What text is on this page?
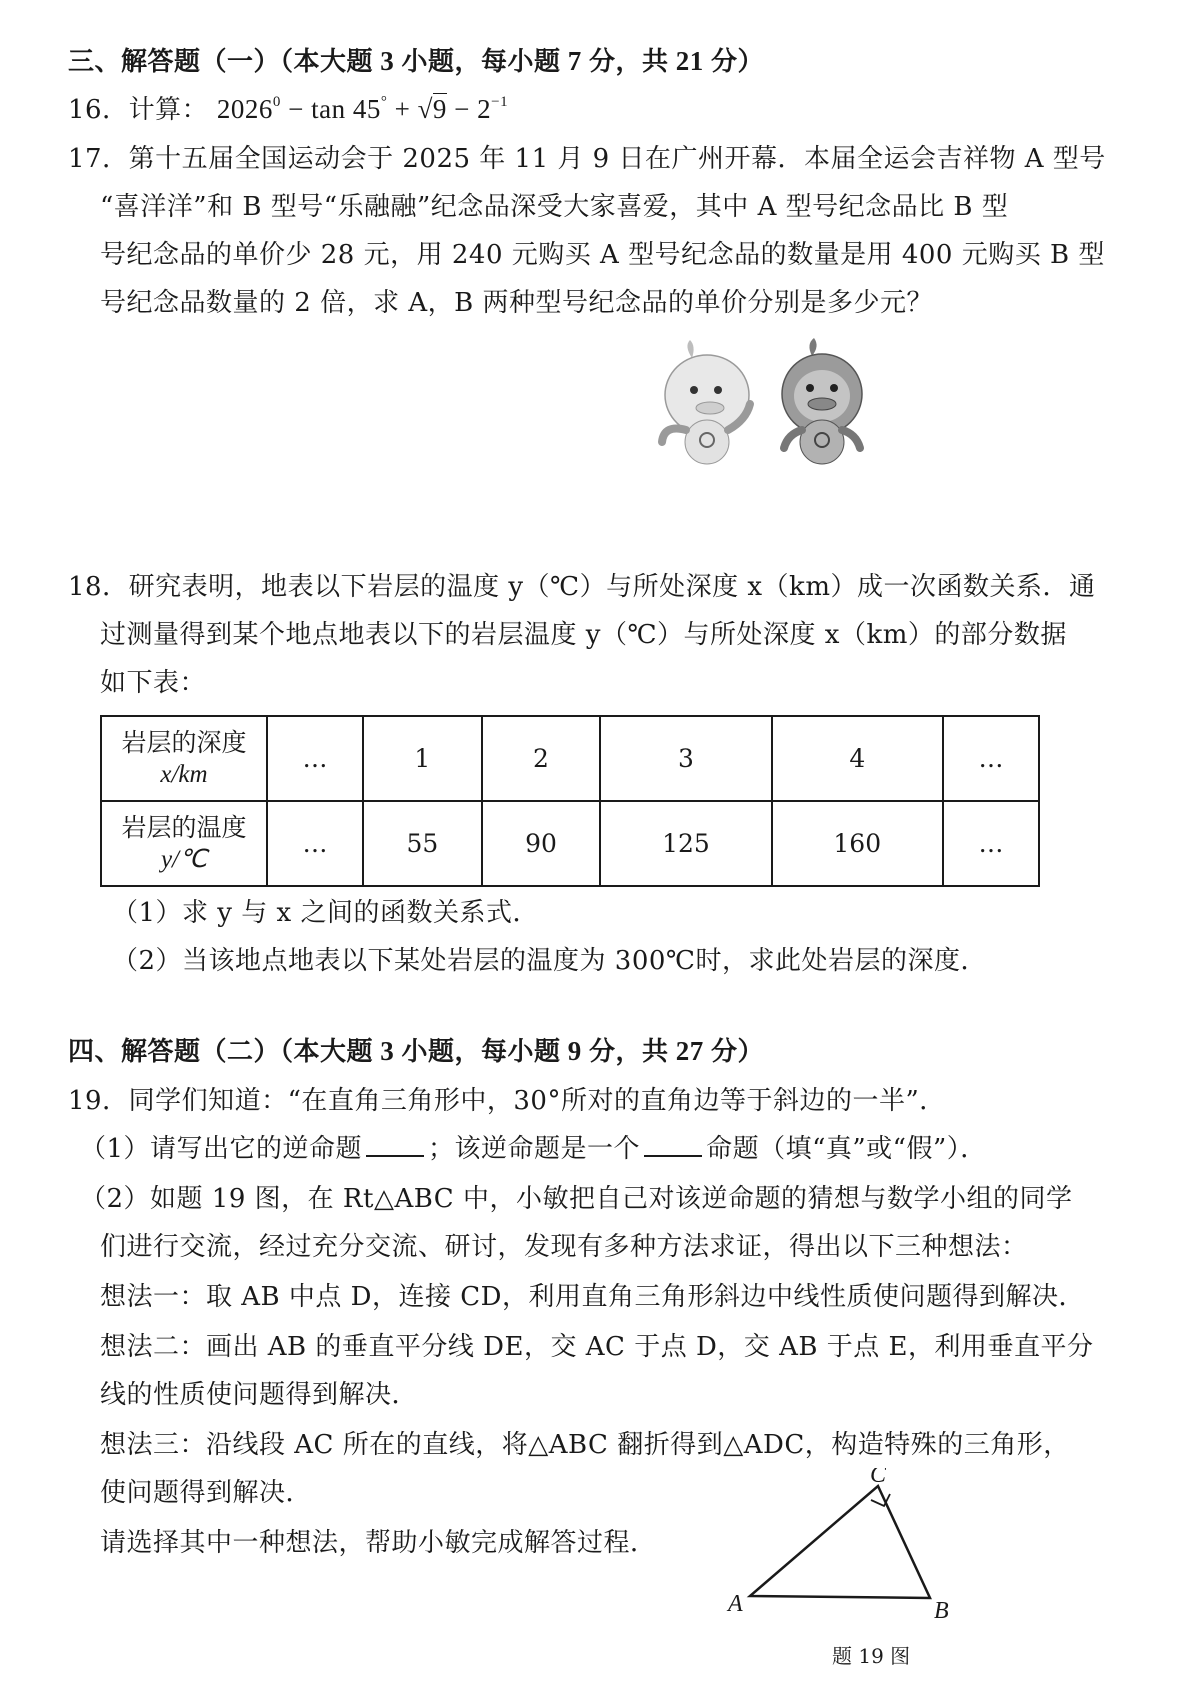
三、解答题（一）（本大题 3 小题，每小题 7 分，共 21 分）
16．计算： $2026^0 - \tan 45^\circ + √9 - 2^{-1}$
17．第十五届全国运动会于 2025 年 11 月 9 日在广州开幕．本届全运会吉祥物 A 型号
“喜洋洋”和 B 型号“乐融融”纪念品深受大家喜爱，其中 A 型号纪念品比 B 型
号纪念品的单价少 28 元，用 240 元购买 A 型号纪念品的数量是用 400 元购买 B 型
号纪念品数量的 2 倍，求 A，B 两种型号纪念品的单价分别是多少元？
18．研究表明，地表以下岩层的温度 y（℃）与所处深度 x（km）成一次函数关系．通
过测量得到某个地点地表以下的岩层温度 y（℃）与所处深度 x（km）的部分数据
如下表：
岩层的深度
x/km	…	1	2	3	4	…

岩层的温度
y/℃	…	55	90	125	160	…
（1）求 y 与 x 之间的函数关系式．
（2）当该地点地表以下某处岩层的温度为 300℃时，求此处岩层的深度．
四、解答题（二）（本大题 3 小题，每小题 9 分，共 27 分）
19．同学们知道：“在直角三角形中，30°所对的直角边等于斜边的一半”．
（1）请写出它的逆命题	；该逆命题是一个	命题（填“真”或“假”）．
（2）如题 19 图，在 Rt△ABC 中，小敏把自己对该逆命题的猜想与数学小组的同学
们进行交流，经过充分交流、研讨，发现有多种方法求证，得出以下三种想法：
想法一：取 AB 中点 D，连接 CD，利用直角三角形斜边中线性质使问题得到解决．
想法二：画出 AB 的垂直平分线 DE，交 AC 于点 D，交 AB 于点 E，利用垂直平分
线的性质使问题得到解决．
想法三：沿线段 AC 所在的直线，将△ABC 翻折得到△ADC，构造特殊的三角形，
使问题得到解决．
请选择其中一种想法，帮助小敏完成解答过程．
A	B
C
题 19 图
